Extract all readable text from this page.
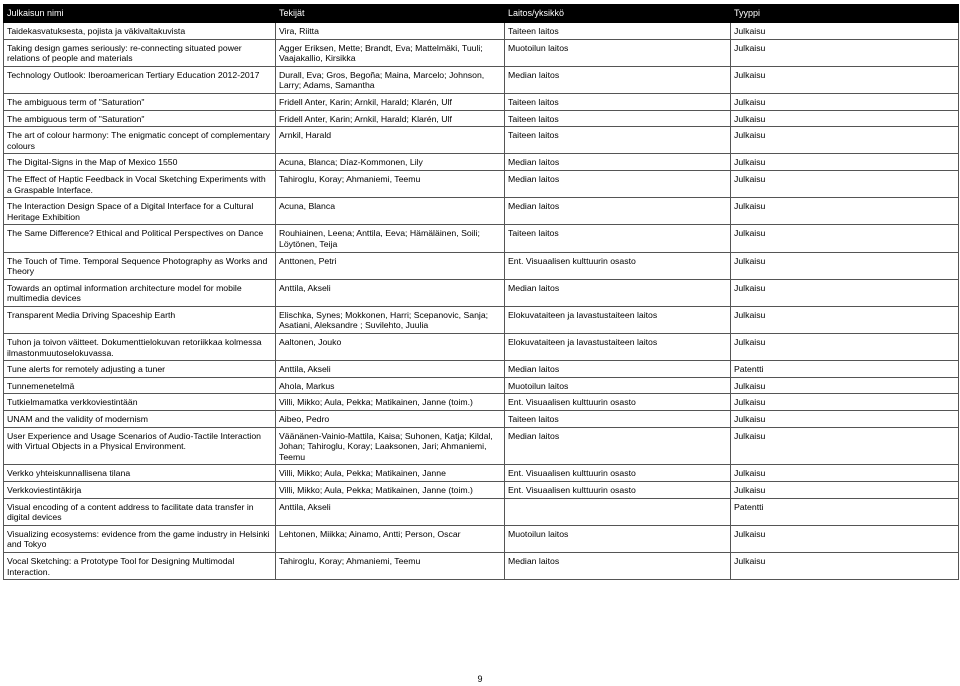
Julkaisun nimi	Tekijät	Laitos/yksikkö	Tyyppi
Taidekasvatuksesta, pojista ja väkivaltakuvista	Vira, Riitta	Taiteen laitos	Julkaisu
Taking design games seriously: re-connecting situated power relations of people and materials	Agger Eriksen, Mette; Brandt, Eva; Mattelmäki, Tuuli; Vaajakallio, Kirsikka	Muotoilun laitos	Julkaisu
Technology Outlook: Iberoamerican Tertiary Education 2012-2017	Durall, Eva; Gros, Begoña; Maina, Marcelo; Johnson, Larry; Adams, Samantha	Median laitos	Julkaisu
The ambiguous term of "Saturation"	Fridell Anter, Karin; Arnkil, Harald; Klarén, Ulf	Taiteen laitos	Julkaisu
The ambiguous term of "Saturation"	Fridell Anter, Karin; Arnkil, Harald; Klarén, Ulf	Taiteen laitos	Julkaisu
The art of colour harmony: The enigmatic concept of complementary colours	Arnkil, Harald	Taiteen laitos	Julkaisu
The Digital-Signs in the Map of Mexico 1550	Acuna, Blanca; Díaz-Kommonen, Lily	Median laitos	Julkaisu
The Effect of Haptic Feedback in Vocal Sketching Experiments with a Graspable Interface.	Tahiroglu, Koray; Ahmaniemi, Teemu	Median laitos	Julkaisu
The Interaction Design Space of a Digital Interface for a Cultural Heritage Exhibition	Acuna, Blanca	Median laitos	Julkaisu
The Same Difference? Ethical and Political Perspectives on Dance	Rouhiainen, Leena; Anttila, Eeva; Hämäläinen, Soili; Löytönen, Teija	Taiteen laitos	Julkaisu
The Touch of Time. Temporal Sequence Photography as Works and Theory	Anttonen, Petri	Ent. Visuaalisen kulttuurin osasto	Julkaisu
Towards an optimal information architecture model for mobile multimedia devices	Anttila, Akseli	Median laitos	Julkaisu
Transparent Media Driving Spaceship Earth	Elischka, Synes; Mokkonen, Harri; Scepanovic, Sanja; Asatiani, Aleksandre ; Suvilehto, Juulia	Elokuvataiteen ja lavastustaiteen laitos	Julkaisu
Tuhon ja toivon väitteet. Dokumenttielokuvan retoriikkaa kolmessa ilmastonmuutoselokuvassa.	Aaltonen, Jouko	Elokuvataiteen ja lavastustaiteen laitos	Julkaisu
Tune alerts for remotely adjusting a tuner	Anttila, Akseli	Median laitos	Patentti
Tunnemenetelmä	Ahola, Markus	Muotoilun laitos	Julkaisu
Tutkielmamatka verkkoviestintään	Villi, Mikko; Aula, Pekka; Matikainen, Janne (toim.)	Ent. Visuaalisen kulttuurin osasto	Julkaisu
UNAM and the validity of modernism	Aibeo, Pedro	Taiteen laitos	Julkaisu
User Experience and Usage Scenarios of Audio-Tactile Interaction with Virtual Objects in a Physical Environment.	Väänänen-Vainio-Mattila, Kaisa; Suhonen, Katja; Kildal, Johan; Tahiroglu, Koray; Laaksonen, Jari; Ahmaniemi, Teemu	Median laitos	Julkaisu
Verkko yhteiskunnallisena tilana	Villi, Mikko; Aula, Pekka; Matikainen, Janne	Ent. Visuaalisen kulttuurin osasto	Julkaisu
Verkkoviestintäkirja	Villi, Mikko; Aula, Pekka; Matikainen, Janne (toim.)	Ent. Visuaalisen kulttuurin osasto	Julkaisu
Visual encoding of a content address to facilitate data transfer in digital devices	Anttila, Akseli		Patentti
Visualizing ecosystems: evidence from the game industry in Helsinki and Tokyo	Lehtonen, Miikka; Ainamo, Antti; Person, Oscar	Muotoilun laitos	Julkaisu
Vocal Sketching: a Prototype Tool for Designing Multimodal Interaction.	Tahiroglu, Koray; Ahmaniemi, Teemu	Median laitos	Julkaisu
9
